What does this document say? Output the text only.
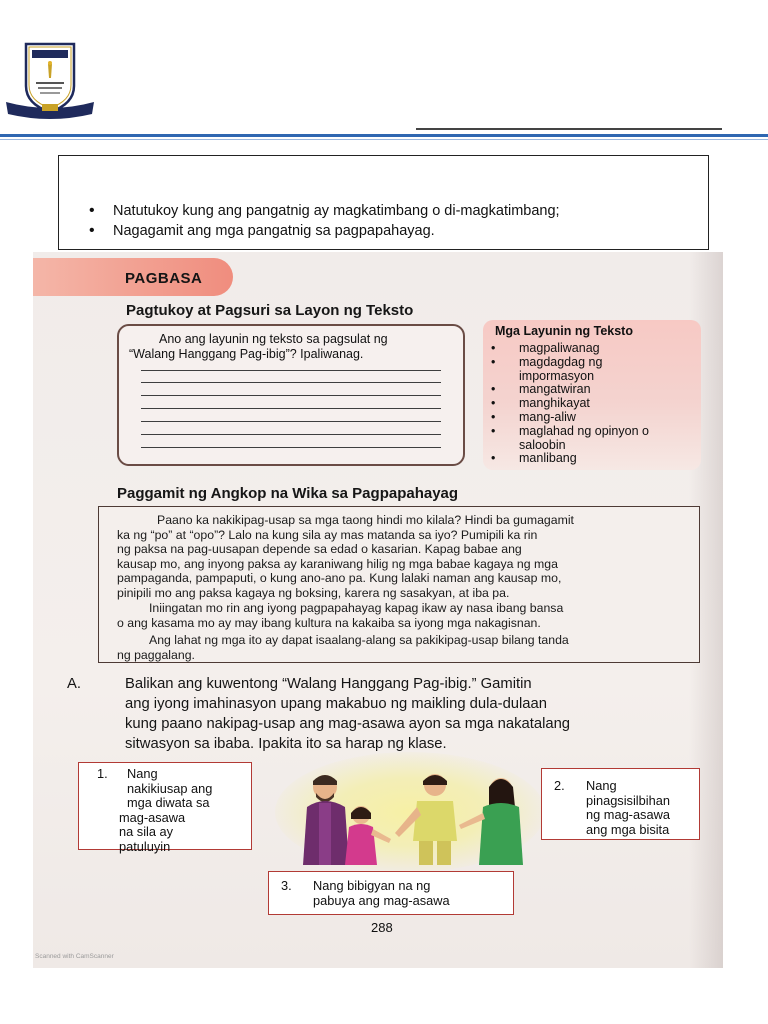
• Natutukoy kung ang pangatnig ay magkatimbang o di-magkatimbang;
• Nagagamit ang mga pangatnig sa pagpapahayag.
PAGBASA
Pagtukoy at Pagsuri sa Layon ng Teksto
Ano ang layunin ng teksto sa pagsulat ng
“Walang Hanggang Pag-ibig”? Ipaliwanag.
Mga Layunin ng Teksto
• magpaliwanag
• magdagdag ng
impormasyon
• mangatwiran
• manghikayat
• mang-aliw
• maglahad ng opinyon o
saloobin
• manlibang
Paggamit ng Angkop na Wika sa Pagpapahayag
Paano ka nakikipag-usap sa mga taong hindi mo kilala? Hindi ba gumagamit
ka ng “po” at “opo”? Lalo na kung sila ay mas matanda sa iyo? Pumipili ka rin
ng paksa na pag-uusapan depende sa edad o kasarian. Kapag babae ang
kausap mo, ang inyong paksa ay karaniwang hilig ng mga babae kagaya ng mga
pampaganda, pampaputi, o kung ano-ano pa. Kung lalaki naman ang kausap mo,
pinipili mo ang paksa kagaya ng boksing, karera ng sasakyan, at iba pa.
Iniingatan mo rin ang iyong pagpapahayag kapag ikaw ay nasa ibang bansa
o ang kasama mo ay may ibang kultura na kakaiba sa iyong mga nakagisnan.
Ang lahat ng mga ito ay dapat isaalang-alang sa pakikipag-usap bilang tanda
ng paggalang.
A.	Balikan ang kuwentong “Walang Hanggang Pag-ibig.” Gamitin
ang iyong imahinasyon upang makabuo ng maikling dula-dulaan
kung paano nakipag-usap ang mag-asawa ayon sa mga nakatalang
sitwasyon sa ibaba. Ipakita ito sa harap ng klase.
1. Nang
nakikiusap ang
mga diwata sa
mag-asawa
na sila ay
patuluyin
2. Nang
pinagsisilbihan
ng mag-asawa
ang mga bisita
3. Nang bibigyan na ng
pabuya ang mag-asawa
288
Scanned with CamScanner
